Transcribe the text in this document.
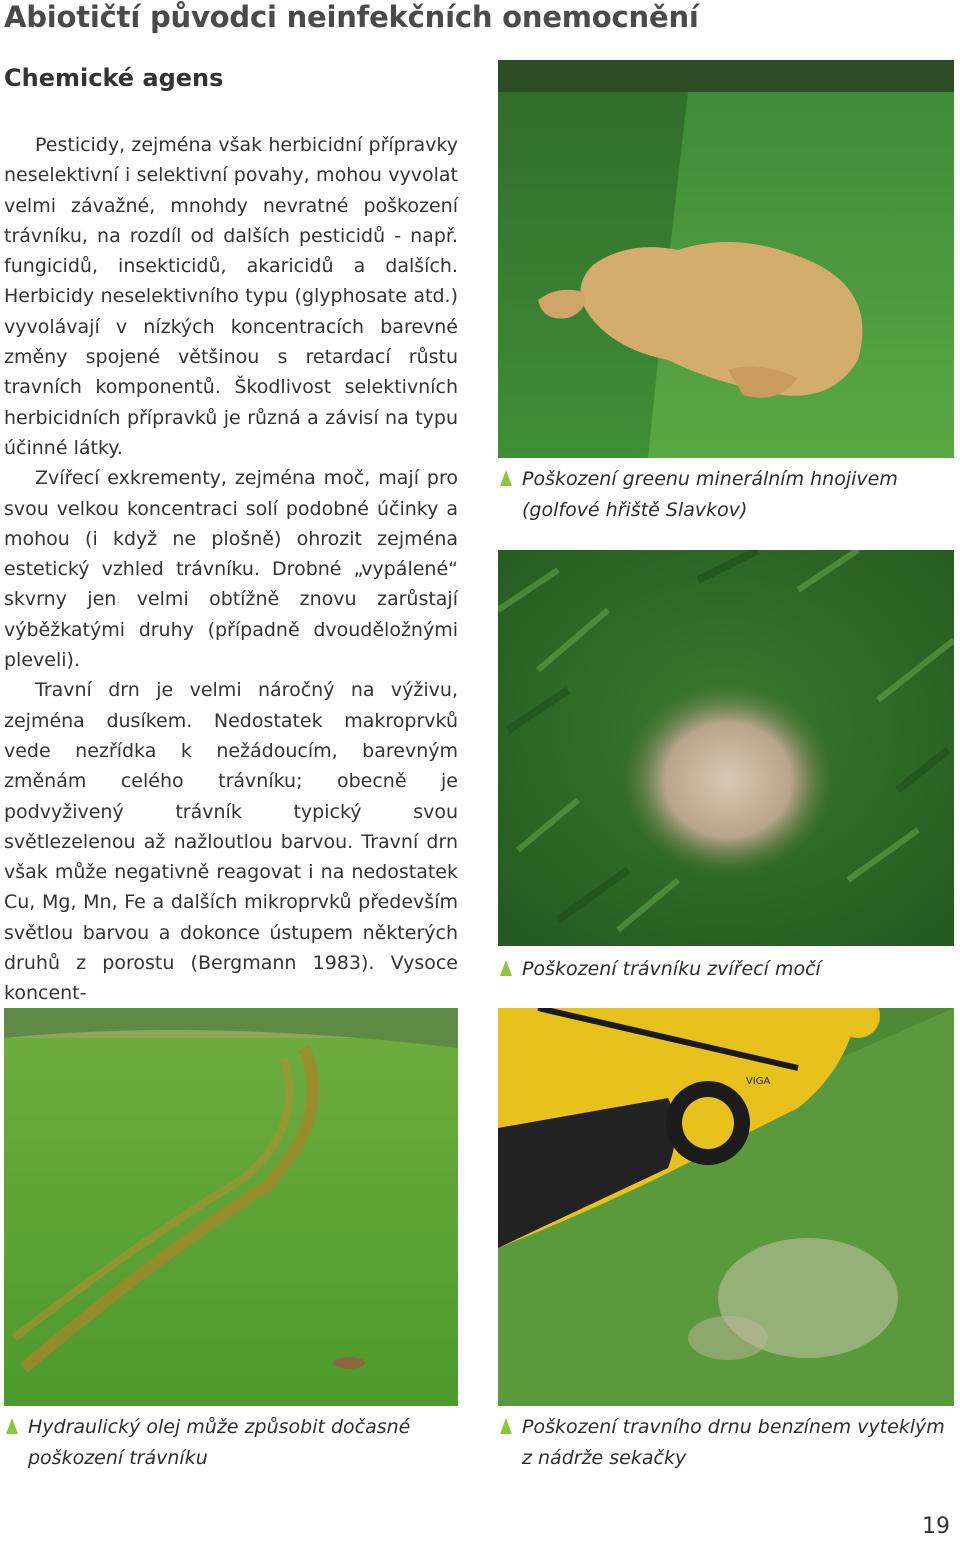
Abiotičtí původci neinfekčních onemocnění
Chemické agens

Pesticidy, zejména však herbicidní přípravky neselektivní i selektivní povahy, mohou vyvolat velmi závažné, mnohdy nevratné poškození trávníku, na rozdíl od dalších pesticidů - např. fungicidů, insekticidů, akaricidů a dalších. Herbicidy neselektivního typu (glyphosate atd.) vyvolávají v nízkých koncentracích barevné změny spojené většinou s retardací růstu travních komponentů. Škodlivost selektivních herbicidních přípravků je různá a závisí na typu účinné látky.

Zvířecí exkrementy, zejména moč, mají pro svou velkou koncentraci solí podobné účinky a mohou (i když ne plošně) ohrozit zejména estetický vzhled trávníku. Drobné „vypálené“ skvrny jen velmi obtížně znovu zarůstají výběžkatými druhy (případně dvouděložnými pleveli).

Travní drn je velmi náročný na výživu, zejména dusíkem. Nedostatek makroprvků vede nezřídka k nežádoucím, barevným změnám celého trávníku; obecně je podvyživený trávník typický svou světlezelenou až nažloutlou barvou. Travní drn však může negativně reagovat i na nedostatek Cu, Mg, Mn, Fe a dalších mikroprvků především světlou barvou a dokonce ústupem některých druhů z porostu (Bergmann 1983). Vysoce koncent-

Poškození greenu minerálním hnojivem (golfové hřiště Slavkov)
Poškození trávníku zvířecí močí
Hydraulický olej může způsobit dočasné poškození trávníku
VIGA
Poškození travního drnu benzínem vyteklým z nádrže sekačky
19
